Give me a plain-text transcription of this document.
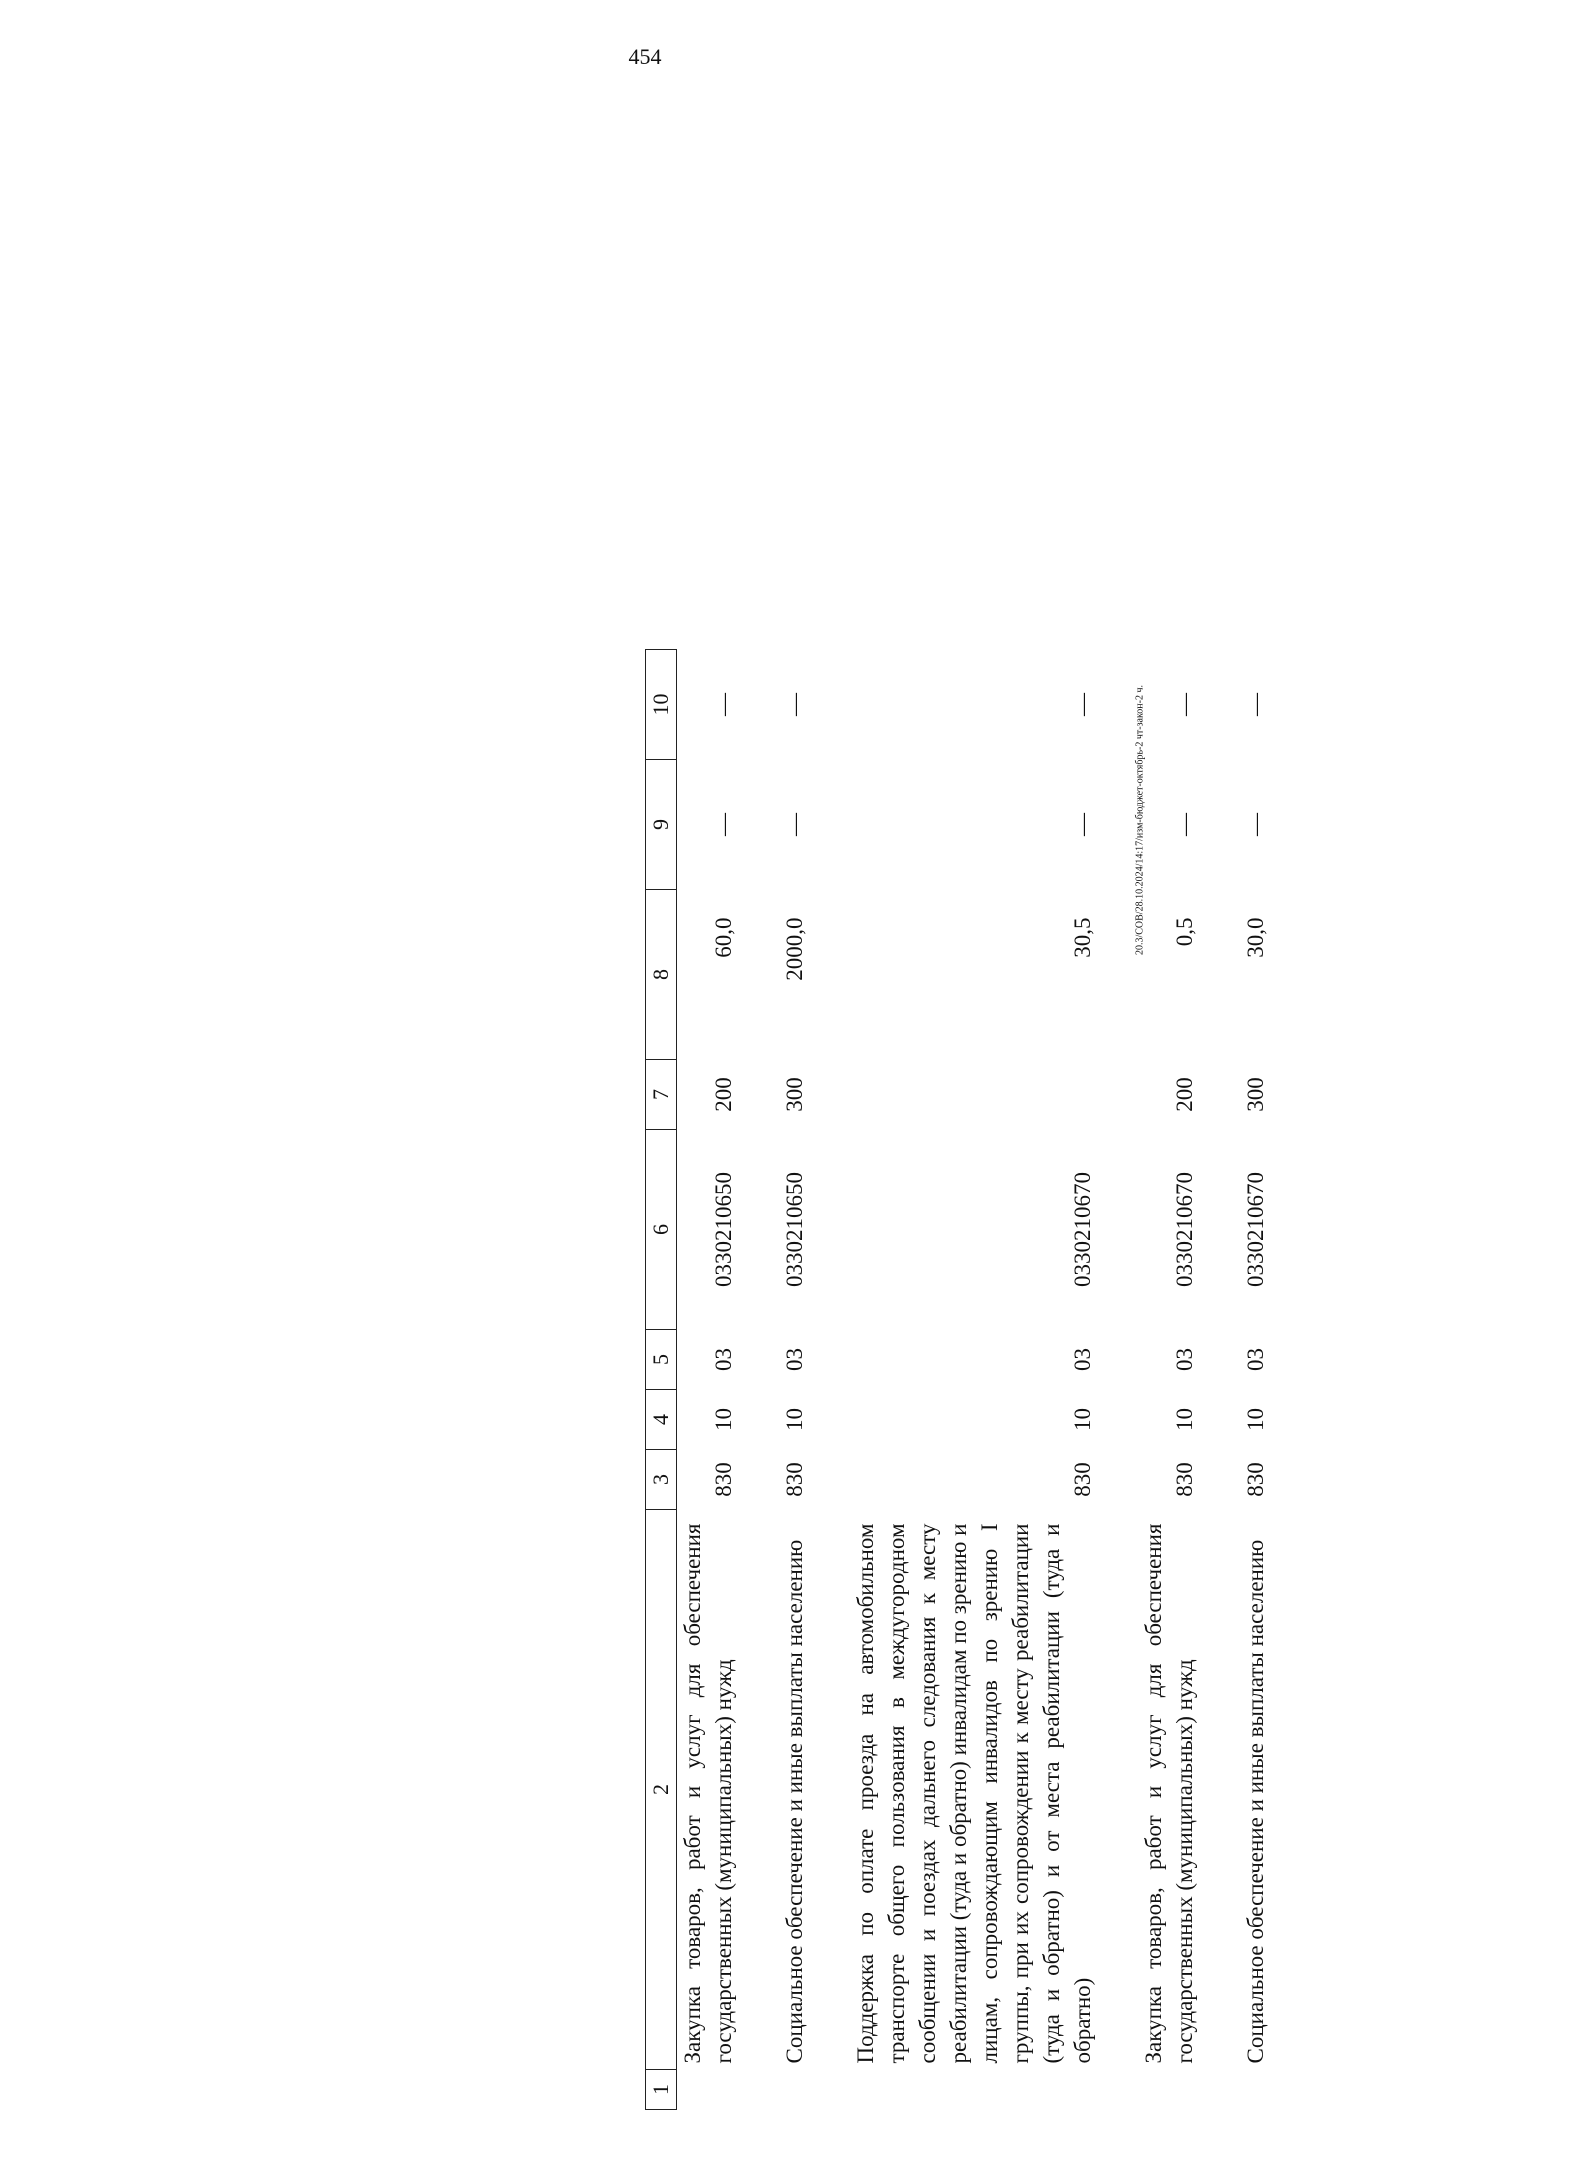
454
20.3/СОВ/28.10.2024/14:17/изм-бюджет-октябрь-2 чт-закон-2 ч.
1	2	3	4	5	6	7	8	9	10
	Закупка товаров, работ и услуг для обеспечения государственных (муниципальных) нужд	830	10	03	0330210650	200	60,0	—	—
	Социальное обеспечение и иные выплаты населению	830	10	03	0330210650	300	2000,0	—	—
	Поддержка по оплате проезда на автомобильном транспорте общего пользования в междугородном сообщении и поездах дальнего следования к месту реабилитации (туда и обратно) инвалидам по зрению и лицам, сопровождающим инвалидов по зрению I группы, при их сопровождении к месту реабилитации (туда и обратно) и от места реабилитации (туда и обратно)	830	10	03	0330210670		30,5	—	—
	Закупка товаров, работ и услуг для обеспечения государственных (муниципальных) нужд	830	10	03	0330210670	200	0,5	—	—
	Социальное обеспечение и иные выплаты населению	830	10	03	0330210670	300	30,0	—	—
